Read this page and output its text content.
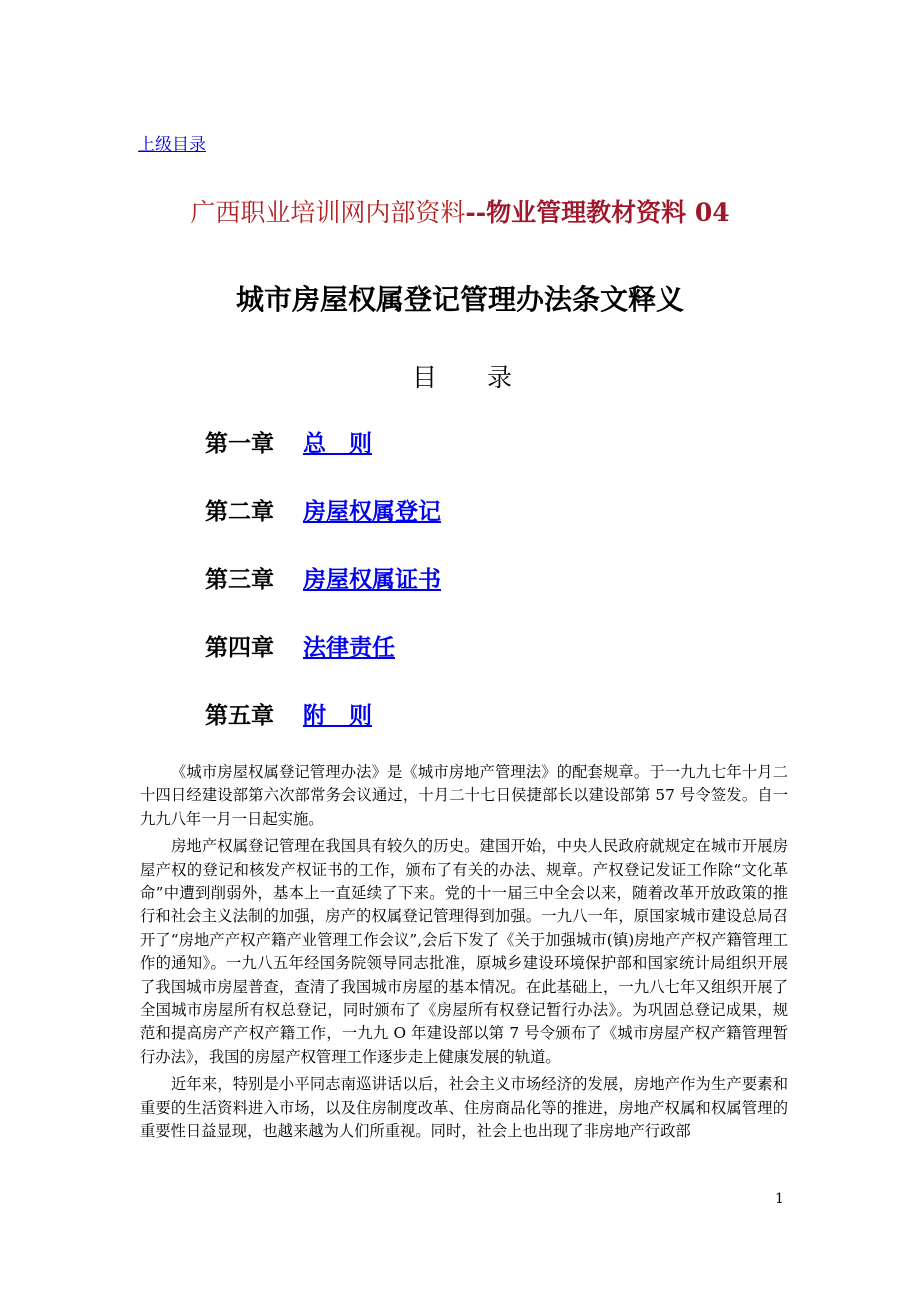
上级目录
广西职业培训网内部资料--物业管理教材资料 04
城市房屋权属登记管理办法条文释义
目 录
第一章 总　则
第二章 房屋权属登记
第三章 房屋权属证书
第四章 法律责任
第五章 附　则

《城市房屋权属登记管理办法》是《城市房地产管理法》的配套规章。于一九九七年十月二十四日经建设部第六次部常务会议通过，十月二十七日侯捷部长以建设部第 57 号令签发。自一九九八年一月一日起实施。

房地产权属登记管理在我国具有较久的历史。建国开始，中央人民政府就规定在城市开展房屋产权的登记和核发产权证书的工作，颁布了有关的办法、规章。产权登记发证工作除“文化革命”中遭到削弱外，基本上一直延续了下来。党的十一届三中全会以来，随着改革开放政策的推行和社会主义法制的加强，房产的权属登记管理得到加强。一九八一年，原国家城市建设总局召开了“房地产产权产籍产业管理工作会议”,会后下发了《关于加强城市(镇)房地产产权产籍管理工作的通知》。一九八五年经国务院领导同志批准，原城乡建设环境保护部和国家统计局组织开展了我国城市房屋普查，查清了我国城市房屋的基本情况。在此基础上，一九八七年又组织开展了全国城市房屋所有权总登记，同时颁布了《房屋所有权登记暂行办法》。为巩固总登记成果，规范和提高房产产权产籍工作，一九九 O 年建设部以第 7 号令颁布了《城市房屋产权产籍管理暂行办法》，我国的房屋产权管理工作逐步走上健康发展的轨道。

近年来，特别是小平同志南巡讲话以后，社会主义市场经济的发展，房地产作为生产要素和重要的生活资料进入市场，以及住房制度改革、住房商品化等的推进，房地产权属和权属管理的重要性日益显现，也越来越为人们所重视。同时，社会上也出现了非房地产行政部

1
